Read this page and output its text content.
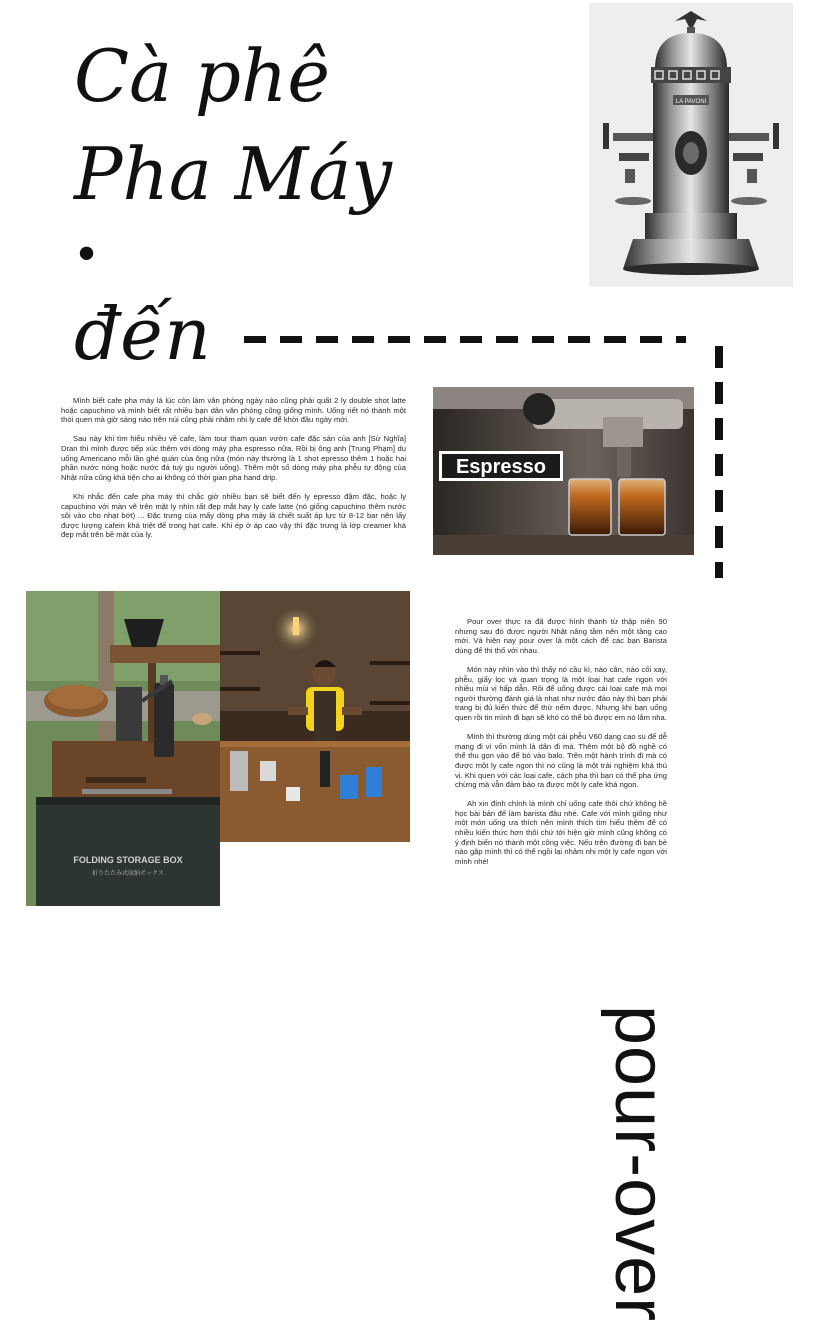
Cà phê
Pha Máy
.
đến
pour-over
LA PAVONI
Espresso
FOLDING STORAGE BOX
折りたたみ式収納ボックス

Mình biết cafe pha máy là lúc còn làm văn phòng ngày nào cũng phải quất 2 ly double shot latte hoặc capuchino và mình biết rất nhiều bạn dân văn phòng cũng giống mình. Uống riết nó thành một thói quen mà giờ sáng nào trên núi cũng phải nhâm nhi ly cafe để khởi đầu ngày mới.

Sau này khi tìm hiểu nhiều về cafe, làm tour tham quan vườn cafe đặc sản của anh [Sử Nghĩa] Dran thì mình được tiếp xúc thêm với dòng máy pha espresso nữa. Rồi bị ông anh [Trung Phạm] dụ uống Americano mỗi lần ghé quán của ông nữa (món này thường là 1 shot epresso thêm 1 hoặc hai phần nước nóng hoặc nước đá tuỳ gu người uống). Thêm một số dòng máy pha phễu tự động của Nhật nữa cũng khá tiện cho ai không có thời gian pha hand drip.

Khi nhắc đến cafe pha máy thì chắc giờ nhiều bạn sẽ biết đến ly epresso đậm đặc, hoặc ly capuchino với màn vẽ trên mặt ly nhìn rất đẹp mắt hay ly cafe latte (nó giống capuchino thêm nước sôi vào cho nhạt bớt) ... Đặc trưng của mấy dòng pha máy là chiết suất áp lực từ 8-12 bar nên lấy được lượng cafein khá triệt để trong hạt cafe. Khi ép ở áp cao vậy thì đặc trưng là lớp creamer khá đẹp mắt trên bề mặt của ly.

Pour over thực ra đã được hình thành từ thập niên 90 nhưng sau đó được người Nhật nâng tầm nên một tầng cao mới. Và hiện nay pour over là một cách để các bạn Barista dùng để thi thố với nhau.

Món này nhìn vào thì thấy nó cầu kì, nào cân, nào cối xay, phễu, giấy lọc và quan trọng là một loại hạt cafe ngon với nhiều mùi vị hấp dẫn. Rồi để uống được cái loại cafe mà mọi người thường đánh giá là nhạt như nước đảo này thì bạn phải trang bị đủ kiến thức để thử nếm được. Nhưng khi bạn uống quen rồi tin mình đi bạn sẽ khó có thể bỏ được em nó lắm nha.

Mình thì thường dùng một cái phễu V60 dạng cao su để dễ mang đi vì vốn mình là dân đi mà. Thêm một bộ đồ nghề có thể thu gọn vào để bỏ vào balo. Trên một hành trình đi mà có được một ly cafe ngon thì nó cũng là một trải nghiệm khá thú vị. Khi quen với các loại cafe, cách pha thì bạn có thể pha ứng chừng mà vẫn đảm bảo ra được một ly cafe khá ngon.

Ah xin đính chính là mình chỉ uống cafe thôi chứ không hề học bài bản để làm barista đâu nhé. Cafe với mình giống như một món uống ưa thích nên mình thích tìm hiểu thêm để có nhiều kiến thức hơn thôi chứ tới hiện giờ mình cũng không có ý định biến nó thành một công việc. Nếu trên đường đi bạn bè nào gặp mình thì có thể ngồi lại nhâm nhi một ly cafe ngon với mình nhé!
